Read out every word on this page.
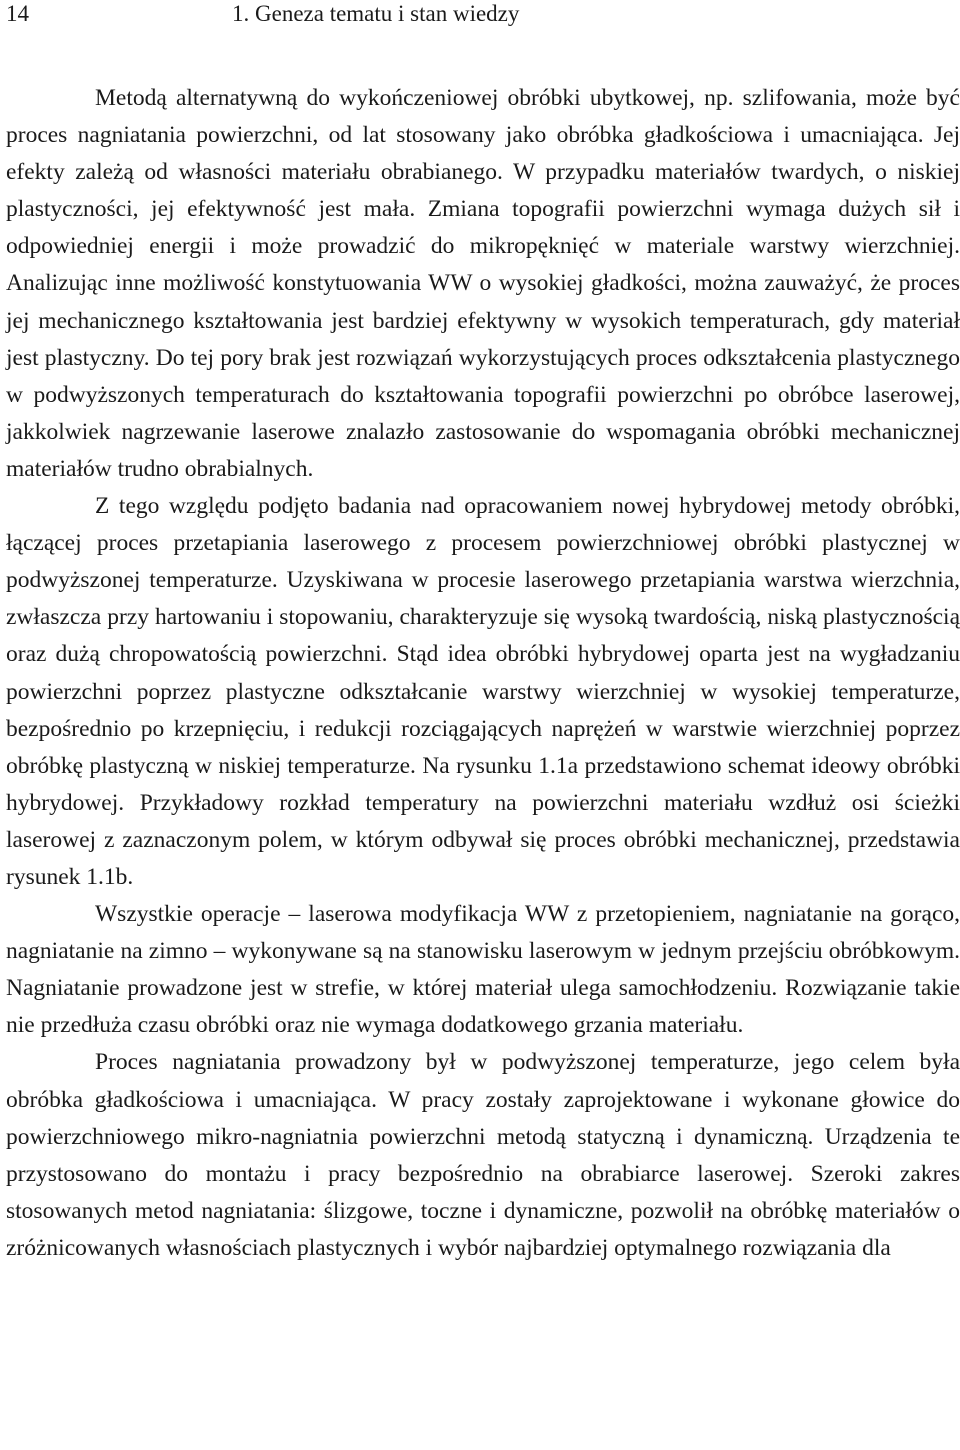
14	1. Geneza tematu i stan wiedzy

Metodą alternatywną do wykończeniowej obróbki ubytkowej, np. szlifowania, może być proces nagniatania powierzchni, od lat stosowany jako obróbka gładkościowa i umacniająca. Jej efekty zależą od własności materiału obrabianego. W przypadku materiałów twardych, o niskiej plastyczności, jej efektywność jest mała. Zmiana topografii powierzchni wymaga dużych sił i odpowiedniej energii i może prowadzić do mikropęknięć w materiale warstwy wierzchniej. Analizując inne możliwość konstytuowania WW o wysokiej gładkości, można zauważyć, że proces jej mechanicznego kształtowania jest bardziej efektywny w wysokich temperaturach, gdy materiał jest plastyczny. Do tej pory brak jest rozwiązań wykorzystujących proces odkształcenia plastycznego w podwyższonych temperaturach do kształtowania topografii powierzchni po obróbce laserowej, jakkolwiek nagrzewanie laserowe znalazło zastosowanie do wspomagania obróbki mechanicznej materiałów trudno obrabialnych.

Z tego względu podjęto badania nad opracowaniem nowej hybrydowej metody obróbki, łączącej proces przetapiania laserowego z procesem powierzchniowej obróbki plastycznej w podwyższonej temperaturze. Uzyskiwana w procesie laserowego przetapiania warstwa wierzchnia, zwłaszcza przy hartowaniu i stopowaniu, charakteryzuje się wysoką twardością, niską plastycznością oraz dużą chropowatością powierzchni. Stąd idea obróbki hybrydowej oparta jest na wygładzaniu powierzchni poprzez plastyczne odkształcanie warstwy wierzchniej w wysokiej temperaturze, bezpośrednio po krzepnięciu, i redukcji rozciągających naprężeń w warstwie wierzchniej poprzez obróbkę plastyczną w niskiej temperaturze. Na rysunku 1.1a przedstawiono schemat ideowy obróbki hybrydowej. Przykładowy rozkład temperatury na powierzchni materiału wzdłuż osi ścieżki laserowej z zaznaczonym polem, w którym odbywał się proces obróbki mechanicznej, przedstawia rysunek 1.1b.

Wszystkie operacje – laserowa modyfikacja WW z przetopieniem, nagniatanie na gorąco, nagniatanie na zimno – wykonywane są na stanowisku laserowym w jednym przejściu obróbkowym. Nagniatanie prowadzone jest w strefie, w której materiał ulega samochłodzeniu. Rozwiązanie takie nie przedłuża czasu obróbki oraz nie wymaga dodatkowego grzania materiału.

Proces nagniatania prowadzony był w podwyższonej temperaturze, jego celem była obróbka gładkościowa i umacniająca. W pracy zostały zaprojektowane i wykonane głowice do powierzchniowego mikro-nagniatnia powierzchni metodą statyczną i dynamiczną. Urządzenia te przystosowano do montażu i pracy bezpośrednio na obrabiarce laserowej. Szeroki zakres stosowanych metod nagniatania: ślizgowe, toczne i dynamiczne, pozwolił na obróbkę materiałów o zróżnicowanych własnościach plastycznych i wybór najbardziej optymalnego rozwiązania dla
